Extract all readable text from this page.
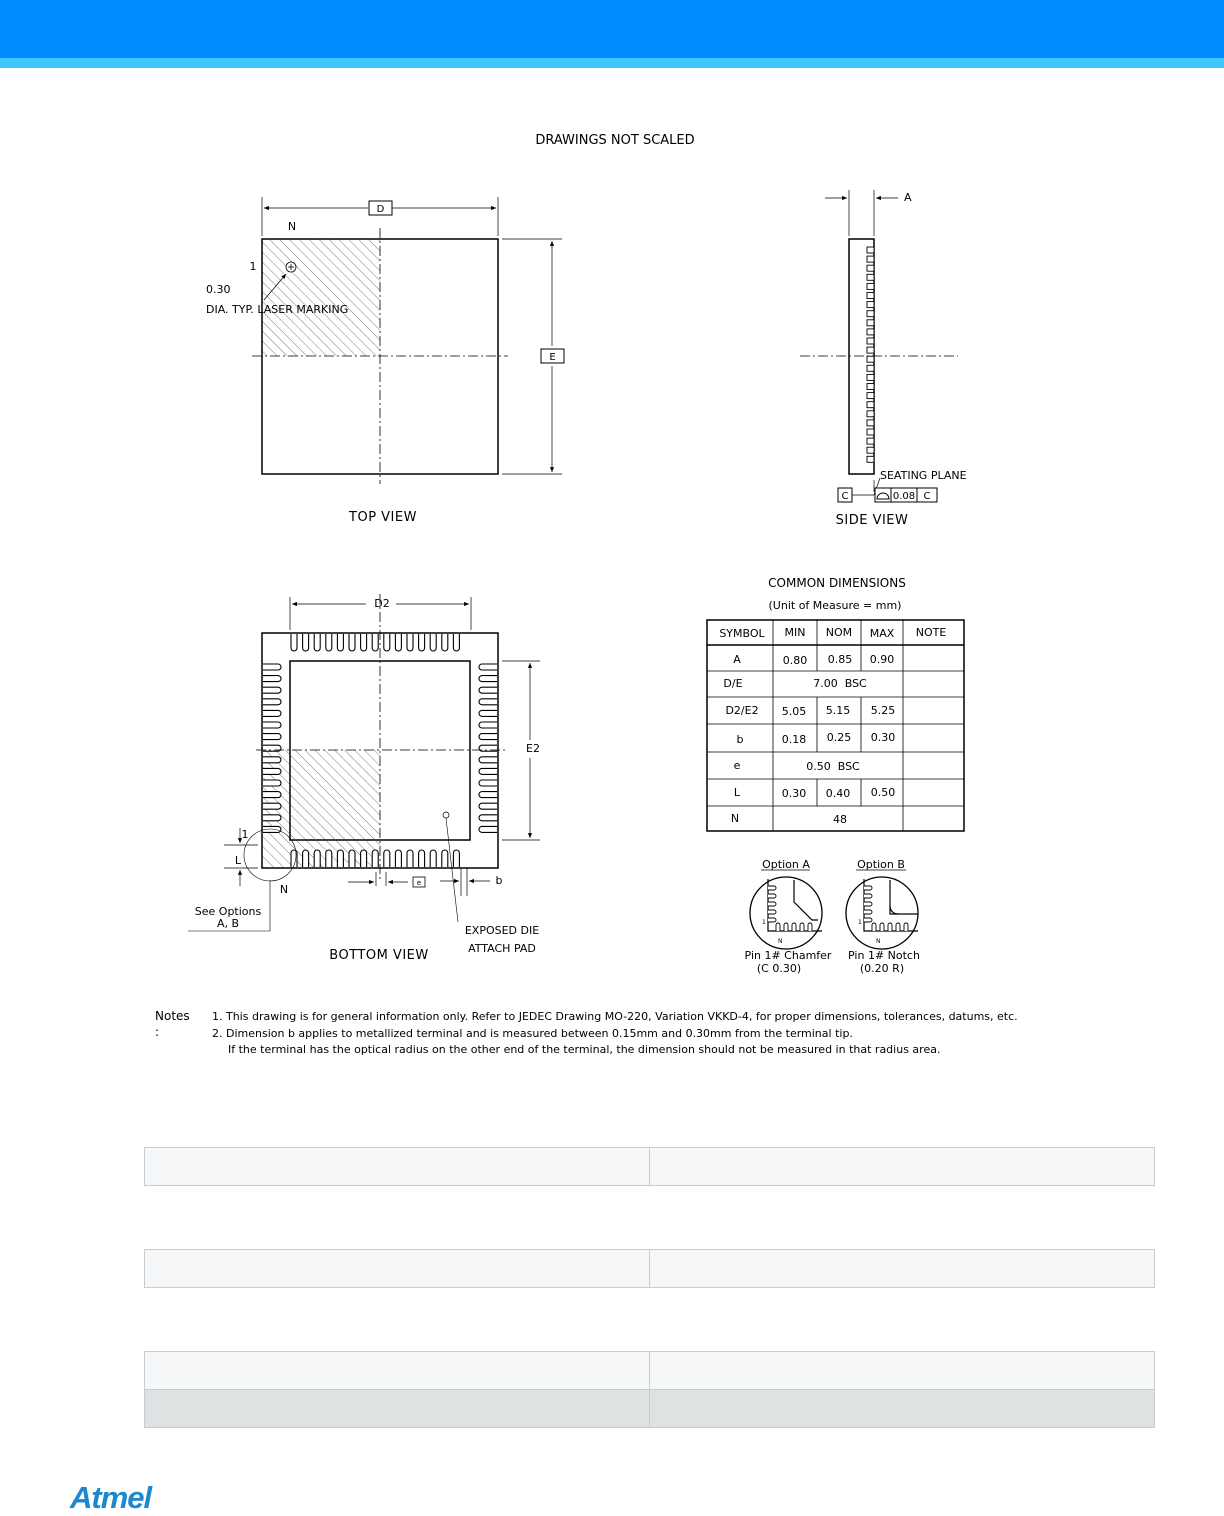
DRAWINGS NOT SCALED
D
E
N
1
0.30
DIA. TYP. LASER MARKING
TOP VIEW
A
SEATING PLANE
C	0.08 C
SIDE VIEW
D2
E2
1
L
N
See Options
A, B
e	b
EXPOSED DIE
ATTACH PAD
BOTTOM VIEW
COMMON DIMENSIONS
(Unit of Measure = mm)
SYMBOL MIN NOM MAX NOTE
A	0.80 0.85 0.90
D/E	7.00  BSC
D2/E2 5.05 5.15 5.25
b	0.18 0.25 0.30
e	0.50  BSC
L	0.30 0.40 0.50
N	48
Option A	Option B
1
N
Pin 1# Chamfer
(C 0.30)
1
N
Pin 1# Notch
(0.20 R)
Notes :
1. This drawing is for general information only. Refer to JEDEC Drawing MO-220, Variation VKKD-4, for proper dimensions, tolerances, datums, etc.
2. Dimension b applies to metallized terminal and is measured between 0.15mm and 0.30mm from the terminal tip.
If the terminal has the optical radius on the other end of the terminal, the dimension should not be measured in that radius area.

Atmel
